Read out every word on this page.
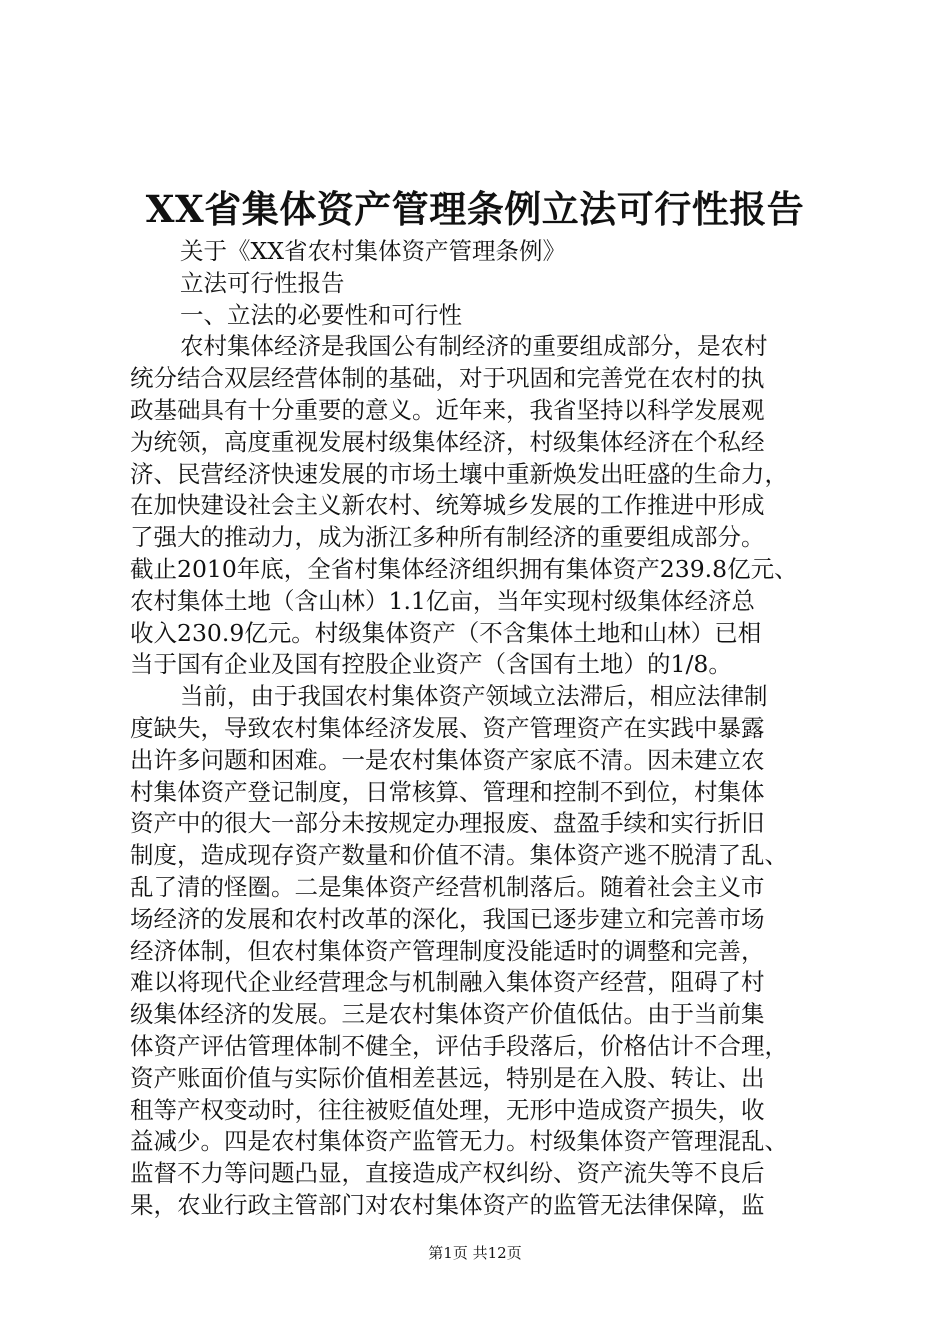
XX省集体资产管理条例立法可行性报告
关于《XX省农村集体资产管理条例》
立法可行性报告
一、立法的必要性和可行性
农村集体经济是我国公有制经济的重要组成部分，是农村
统分结合双层经营体制的基础，对于巩固和完善党在农村的执
政基础具有十分重要的意义。近年来，我省坚持以科学发展观
为统领，高度重视发展村级集体经济，村级集体经济在个私经
济、民营经济快速发展的市场土壤中重新焕发出旺盛的生命力，
在加快建设社会主义新农村、统筹城乡发展的工作推进中形成
了强大的推动力，成为浙江多种所有制经济的重要组成部分。
截止2010年底，全省村集体经济组织拥有集体资产239.8亿元、
农村集体土地（含山林）1.1亿亩，当年实现村级集体经济总
收入230.9亿元。村级集体资产（不含集体土地和山林）已相
当于国有企业及国有控股企业资产（含国有土地）的1/8。
当前，由于我国农村集体资产领域立法滞后，相应法律制
度缺失，导致农村集体经济发展、资产管理资产在实践中暴露
出许多问题和困难。一是农村集体资产家底不清。因未建立农
村集体资产登记制度，日常核算、管理和控制不到位，村集体
资产中的很大一部分未按规定办理报废、盘盈手续和实行折旧
制度，造成现存资产数量和价值不清。集体资产逃不脱清了乱、
乱了清的怪圈。二是集体资产经营机制落后。随着社会主义市
场经济的发展和农村改革的深化，我国已逐步建立和完善市场
经济体制，但农村集体资产管理制度没能适时的调整和完善，
难以将现代企业经营理念与机制融入集体资产经营，阻碍了村
级集体经济的发展。三是农村集体资产价值低估。由于当前集
体资产评估管理体制不健全，评估手段落后，价格估计不合理，
资产账面价值与实际价值相差甚远，特别是在入股、转让、出
租等产权变动时，往往被贬值处理，无形中造成资产损失，收
益减少。四是农村集体资产监管无力。村级集体资产管理混乱、
监督不力等问题凸显，直接造成产权纠纷、资产流失等不良后
果，农业行政主管部门对农村集体资产的监管无法律保障，监
第1页 共12页
